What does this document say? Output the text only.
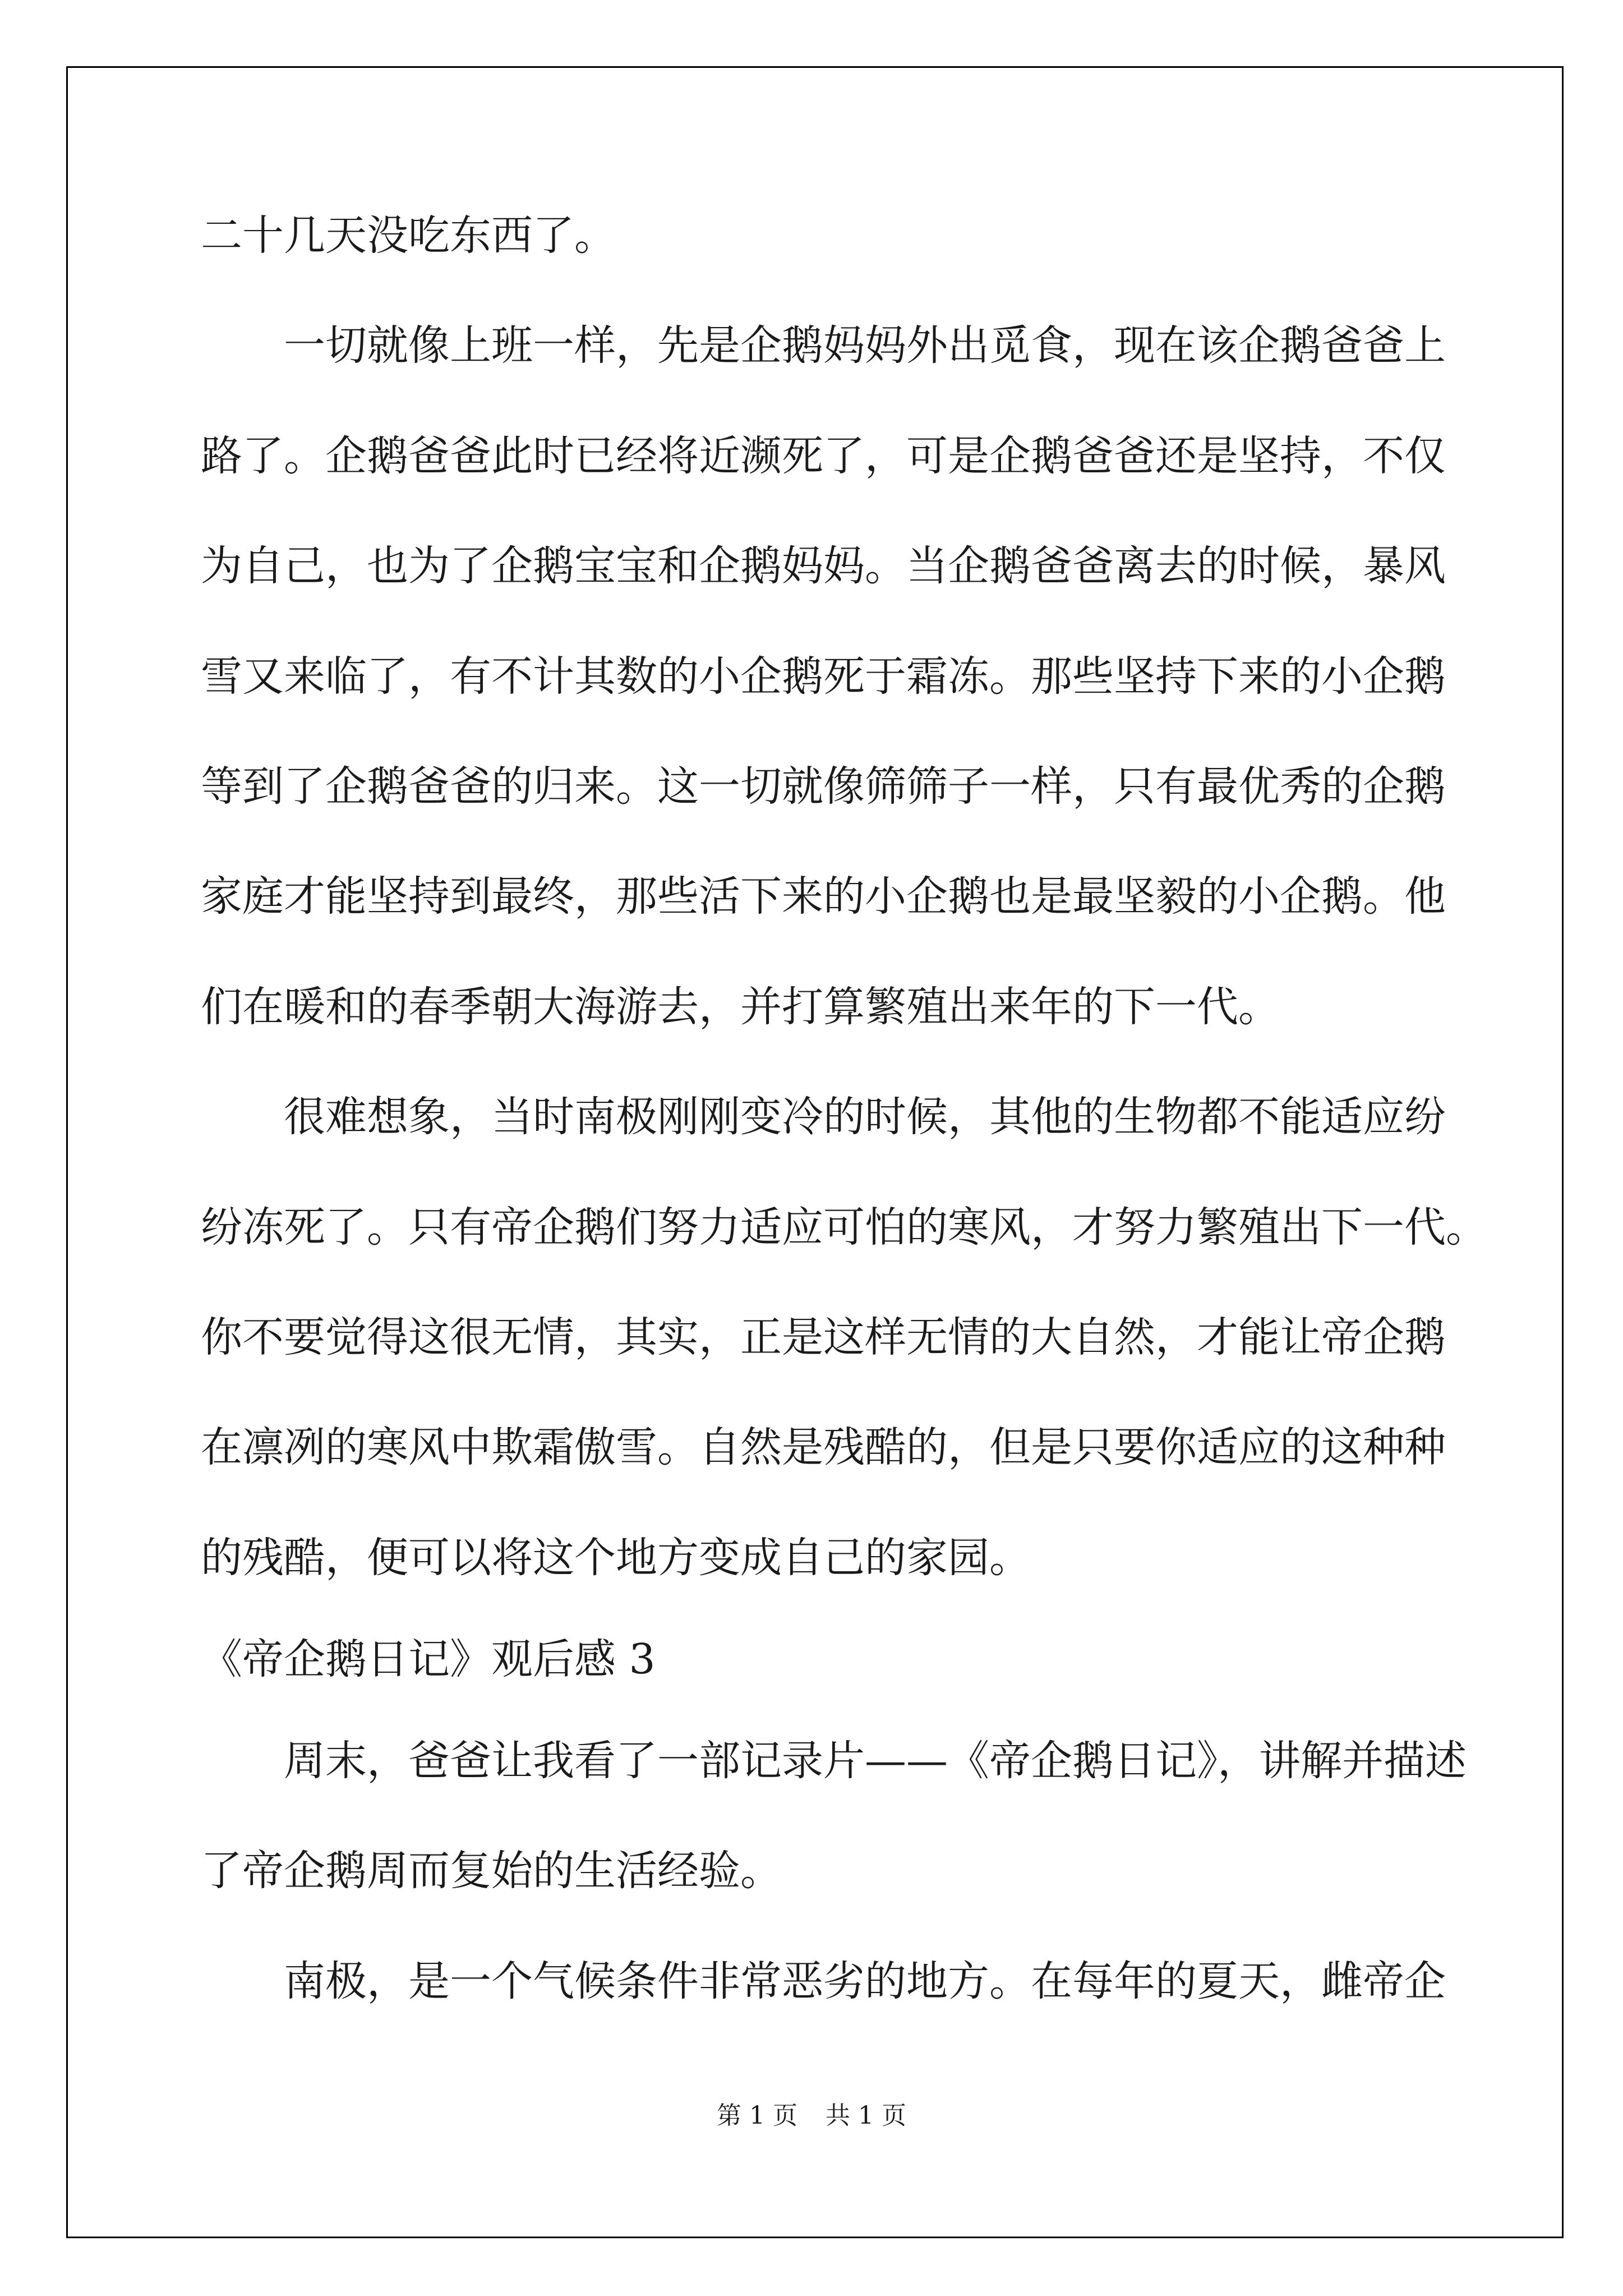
二十几天没吃东西了。
一切就像上班一样，先是企鹅妈妈外出觅食，现在该企鹅爸爸上
路了。企鹅爸爸此时已经将近濒死了，可是企鹅爸爸还是坚持，不仅
为自己，也为了企鹅宝宝和企鹅妈妈。当企鹅爸爸离去的时候，暴风
雪又来临了，有不计其数的小企鹅死于霜冻。那些坚持下来的小企鹅
等到了企鹅爸爸的归来。这一切就像筛筛子一样，只有最优秀的企鹅
家庭才能坚持到最终，那些活下来的小企鹅也是最坚毅的小企鹅。他
们在暖和的春季朝大海游去，并打算繁殖出来年的下一代。
很难想象，当时南极刚刚变冷的时候，其他的生物都不能适应纷
纷冻死了。只有帝企鹅们努力适应可怕的寒风，才努力繁殖出下一代。
你不要觉得这很无情，其实，正是这样无情的大自然，才能让帝企鹅
在凛冽的寒风中欺霜傲雪。自然是残酷的，但是只要你适应的这种种
的残酷，便可以将这个地方变成自己的家园。
《帝企鹅日记》观后感 3
周末，爸爸让我看了一部记录片——《帝企鹅日记》，讲解并描述
了帝企鹅周而复始的生活经验。
南极，是一个气候条件非常恶劣的地方。在每年的夏天，雌帝企
第 1 页 共 1 页
